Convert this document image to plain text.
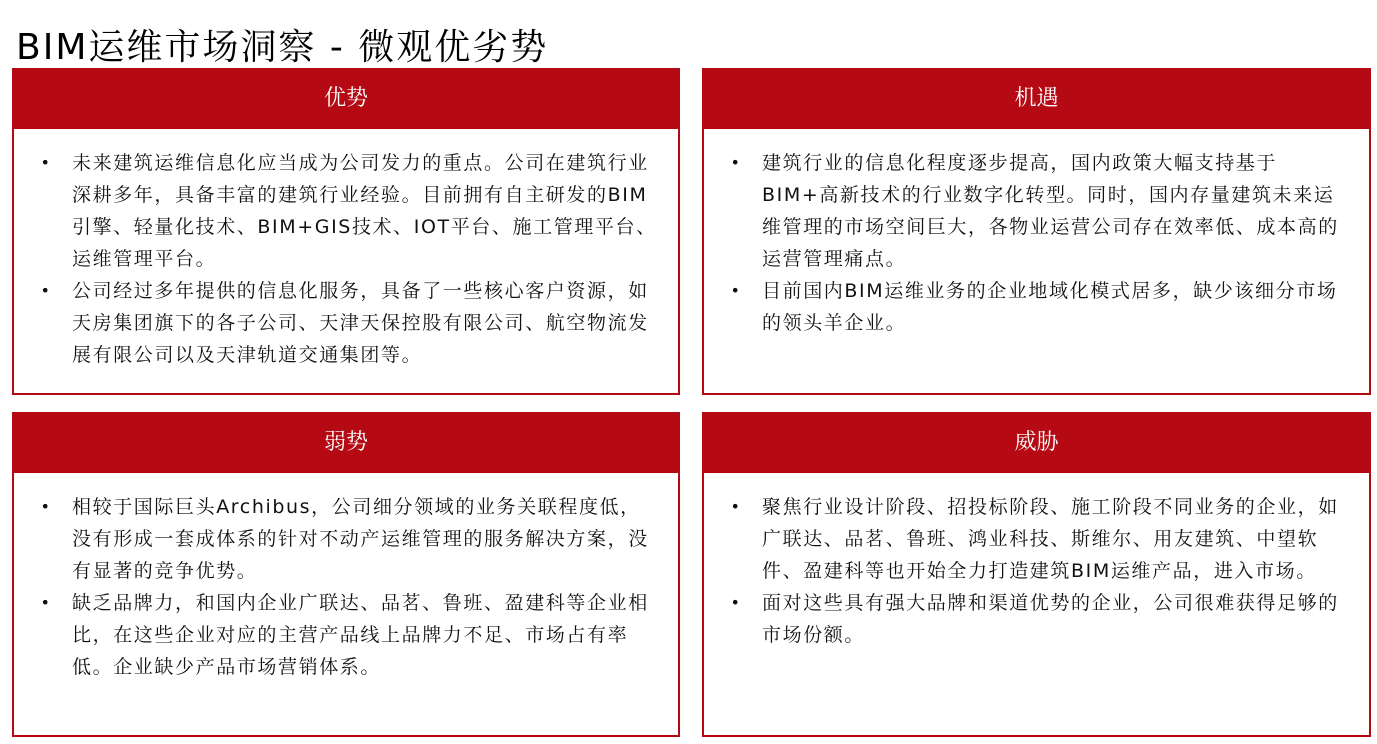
BIM运维市场洞察 - 微观优劣势
优势
• 未来建筑运维信息化应当成为公司发力的重点。公司在建筑行业深耕多年，具备丰富的建筑行业经验。目前拥有自主研发的BIM引擎、轻量化技术、BIM+GIS技术、IOT平台、施工管理平台、运维管理平台。
• 公司经过多年提供的信息化服务，具备了一些核心客户资源，如天房集团旗下的各子公司、天津天保控股有限公司、航空物流发展有限公司以及天津轨道交通集团等。
机遇
• 建筑行业的信息化程度逐步提高，国内政策大幅支持基于BIM+高新技术的行业数字化转型。同时，国内存量建筑未来运维管理的市场空间巨大，各物业运营公司存在效率低、成本高的运营管理痛点。
• 目前国内BIM运维业务的企业地域化模式居多，缺少该细分市场的领头羊企业。
弱势
• 相较于国际巨头Archibus，公司细分领域的业务关联程度低，没有形成一套成体系的针对不动产运维管理的服务解决方案，没有显著的竞争优势。
• 缺乏品牌力，和国内企业广联达、品茗、鲁班、盈建科等企业相比，在这些企业对应的主营产品线上品牌力不足、市场占有率低。企业缺少产品市场营销体系。
威胁
• 聚焦行业设计阶段、招投标阶段、施工阶段不同业务的企业，如广联达、品茗、鲁班、鸿业科技、斯维尔、用友建筑、中望软件、盈建科等也开始全力打造建筑BIM运维产品，进入市场。
• 面对这些具有强大品牌和渠道优势的企业，公司很难获得足够的市场份额。
